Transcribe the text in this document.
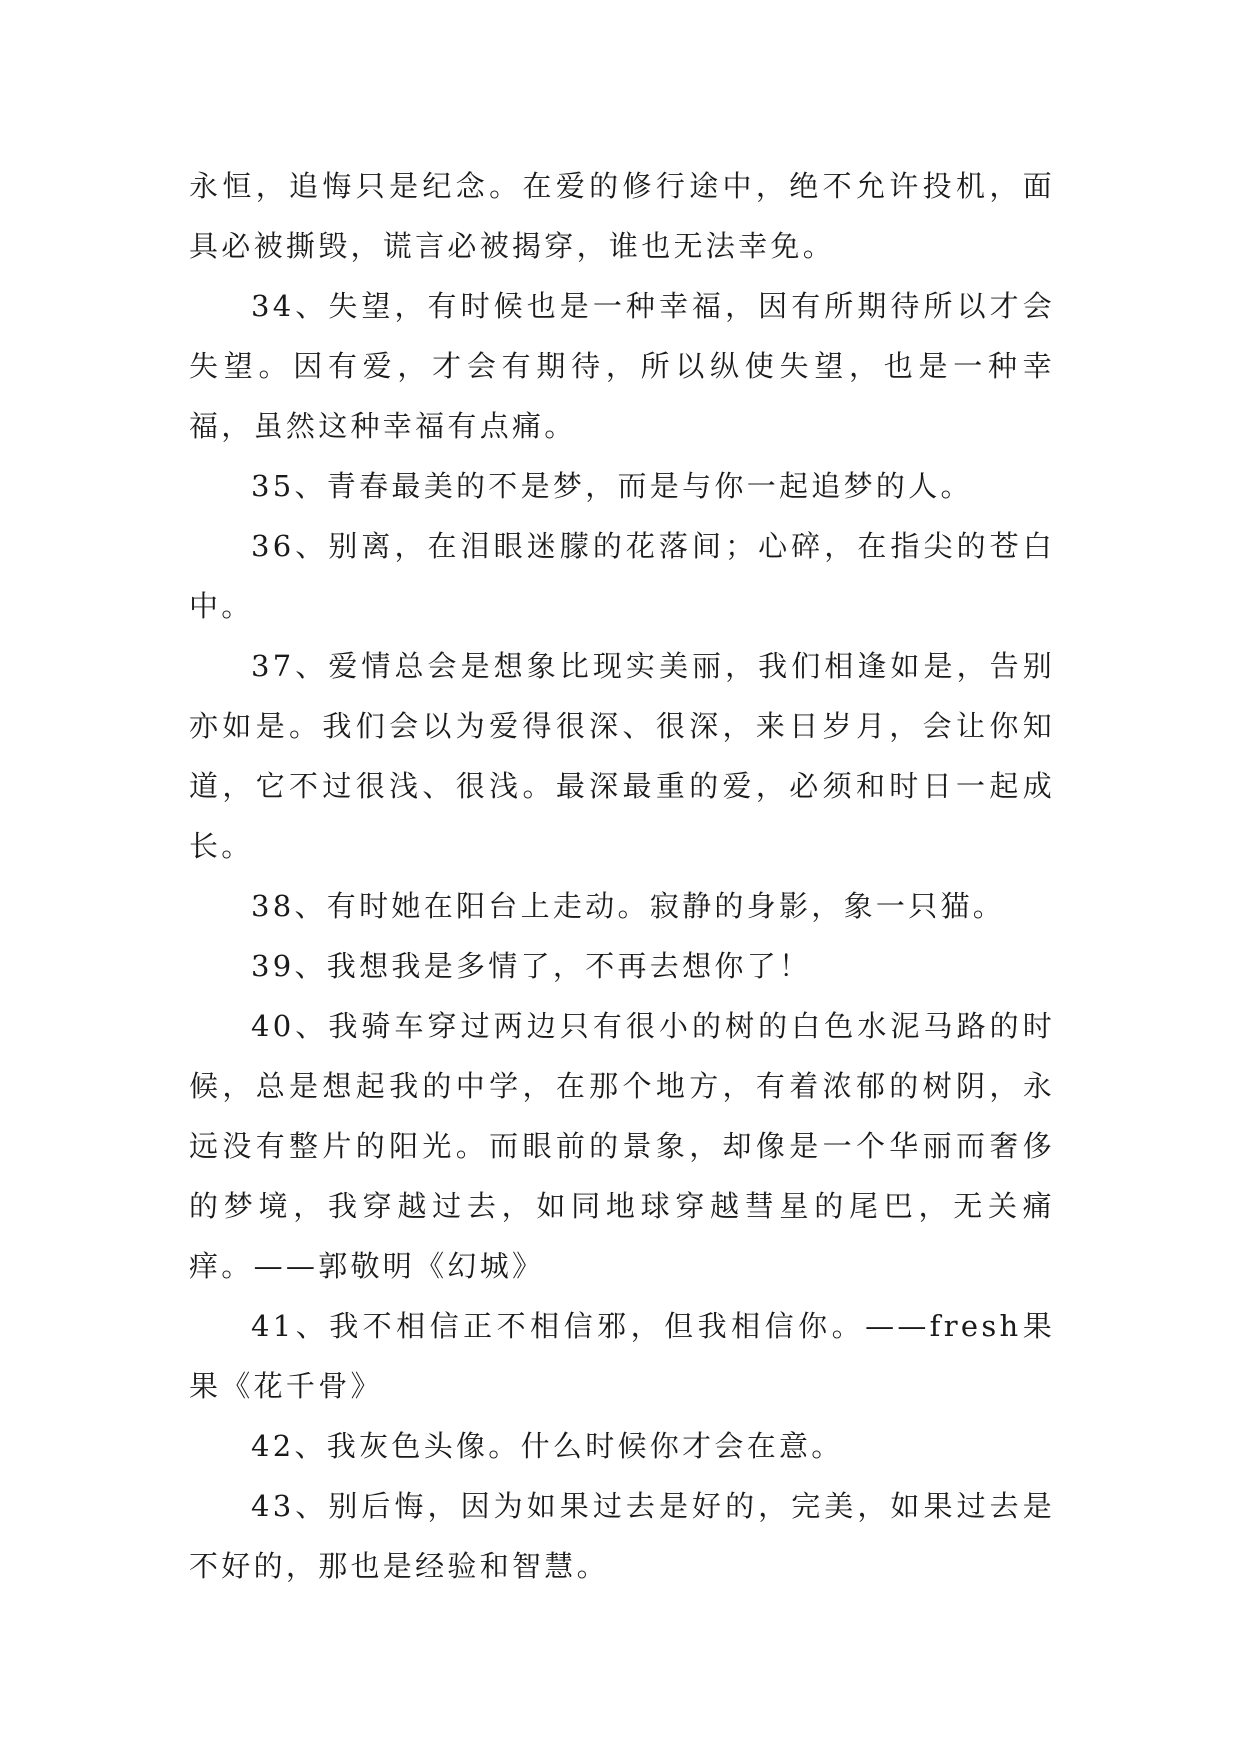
永恒，追悔只是纪念。在爱的修行途中，绝不允许投机，面具必被撕毁，谎言必被揭穿，谁也无法幸免。

34、失望，有时候也是一种幸福，因有所期待所以才会失望。因有爱，才会有期待，所以纵使失望，也是一种幸福，虽然这种幸福有点痛。

35、青春最美的不是梦，而是与你一起追梦的人。

36、别离，在泪眼迷朦的花落间；心碎，在指尖的苍白中。

37、爱情总会是想象比现实美丽，我们相逢如是，告别亦如是。我们会以为爱得很深、很深，来日岁月，会让你知道，它不过很浅、很浅。最深最重的爱，必须和时日一起成长。

38、有时她在阳台上走动。寂静的身影，象一只猫。

39、我想我是多情了，不再去想你了！

40、我骑车穿过两边只有很小的树的白色水泥马路的时候，总是想起我的中学，在那个地方，有着浓郁的树阴，永远没有整片的阳光。而眼前的景象，却像是一个华丽而奢侈的梦境，我穿越过去，如同地球穿越彗星的尾巴，无关痛痒。——郭敬明《幻城》

41、我不相信正不相信邪，但我相信你。——fresh果果《花千骨》

42、我灰色头像。什么时候你才会在意。

43、别后悔，因为如果过去是好的，完美，如果过去是不好的，那也是经验和智慧。
